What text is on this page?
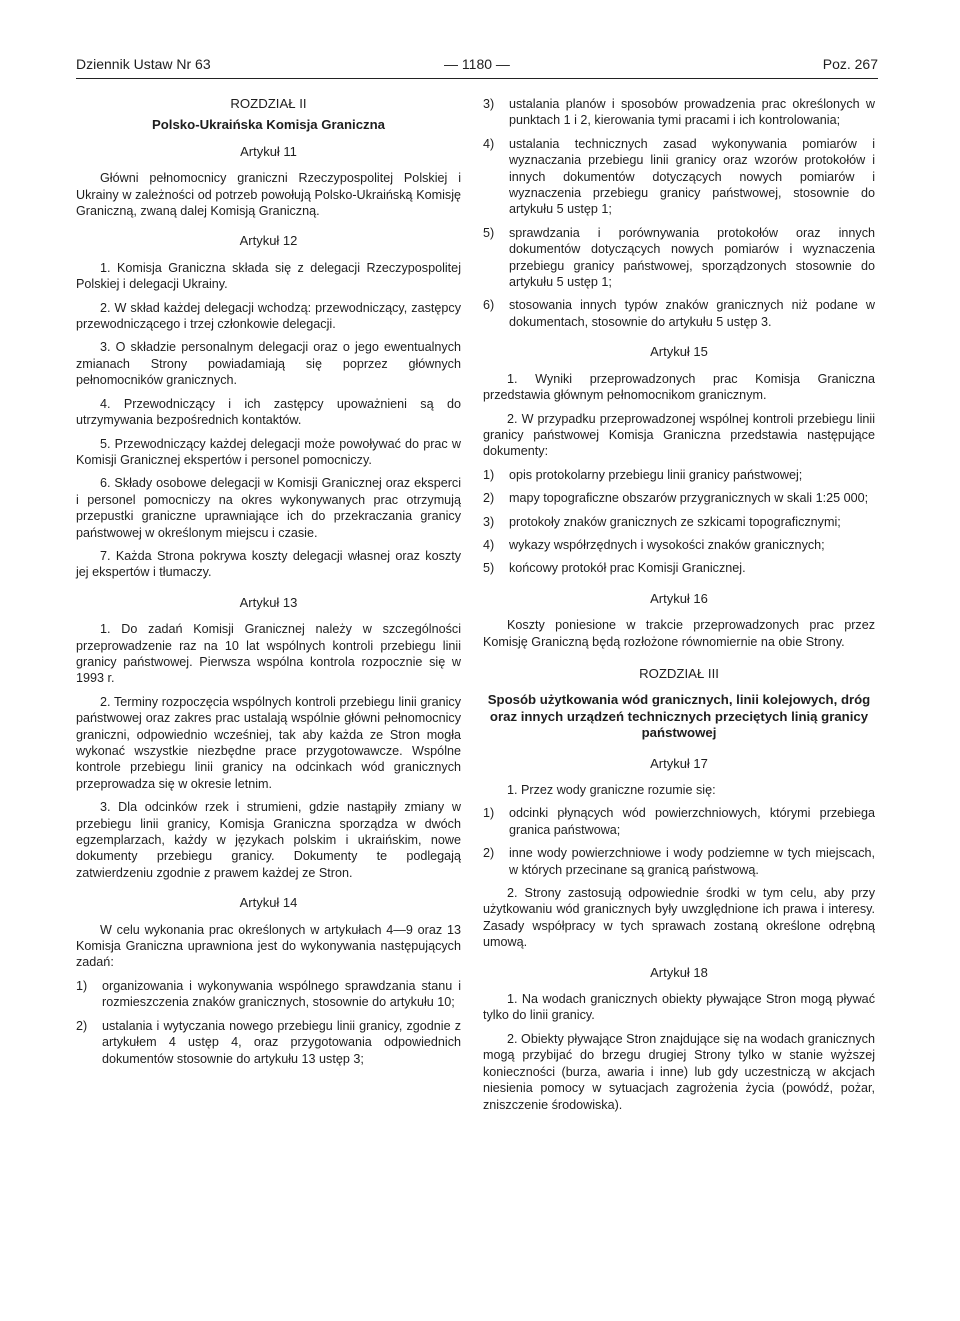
Dziennik Ustaw Nr 63	— 1180 —	Poz. 267
ROZDZIAŁ II
Polsko-Ukraińska Komisja Graniczna
Artykuł 11

Główni pełnomocnicy graniczni Rzeczypospolitej Polskiej i Ukrainy w zależności od potrzeb powołują Polsko-Ukraińską Komisję Graniczną, zwaną dalej Komisją Graniczną.

Artykuł 12

1. Komisja Graniczna składa się z delegacji Rzeczypospolitej Polskiej i delegacji Ukrainy.

2. W skład każdej delegacji wchodzą: przewodniczący, zastępcy przewodniczącego i trzej członkowie delegacji.

3. O składzie personalnym delegacji oraz o jego ewentualnych zmianach Strony powiadamiają się poprzez głównych pełnomocników granicznych.

4. Przewodniczący i ich zastępcy upoważnieni są do utrzymywania bezpośrednich kontaktów.

5. Przewodniczący każdej delegacji może powoływać do prac w Komisji Granicznej ekspertów i personel pomocniczy.

6. Składy osobowe delegacji w Komisji Granicznej oraz eksperci i personel pomocniczy na okres wykonywanych prac otrzymują przepustki graniczne uprawniające ich do przekraczania granicy państwowej w określonym miejscu i czasie.

7. Każda Strona pokrywa koszty delegacji własnej oraz koszty jej ekspertów i tłumaczy.

Artykuł 13

1. Do zadań Komisji Granicznej należy w szczególności przeprowadzenie raz na 10 lat wspólnych kontroli przebiegu linii granicy państwowej. Pierwsza wspólna kontrola rozpocznie się w 1993 r.

2. Terminy rozpoczęcia wspólnych kontroli przebiegu linii granicy państwowej oraz zakres prac ustalają wspólnie główni pełnomocnicy graniczni, odpowiednio wcześniej, tak aby każda ze Stron mogła wykonać wszystkie niezbędne prace przygotowawcze. Wspólne kontrole przebiegu linii granicy na odcinkach wód granicznych przeprowadza się w okresie letnim.

3. Dla odcinków rzek i strumieni, gdzie nastąpiły zmiany w przebiegu linii granicy, Komisja Graniczna sporządza w dwóch egzemplarzach, każdy w językach polskim i ukraińskim, nowe dokumenty przebiegu granicy. Dokumenty te podlegają zatwierdzeniu zgodnie z prawem każdej ze Stron.

Artykuł 14

W celu wykonania prac określonych w artykułach 4—9 oraz 13 Komisja Graniczna uprawniona jest do wykonywania następujących zadań:

1)	organizowania i wykonywania wspólnego sprawdzania stanu i rozmieszczenia znaków granicznych, stosownie do artykułu 10;
2)	ustalania i wytyczania nowego przebiegu linii granicy, zgodnie z artykułem 4 ustęp 4, oraz przygotowania odpowiednich dokumentów stosownie do artykułu 13 ustęp 3;
3)	ustalania planów i sposobów prowadzenia prac określonych w punktach 1 i 2, kierowania tymi pracami i ich kontrolowania;
4)	ustalania technicznych zasad wykonywania pomiarów i wyznaczania przebiegu linii granicy oraz wzorów protokołów i innych dokumentów dotyczących nowych pomiarów i wyznaczenia przebiegu granicy państwowej, stosownie do artykułu 5 ustęp 1;
5)	sprawdzania i porównywania protokołów oraz innych dokumentów dotyczących nowych pomiarów i wyznaczenia przebiegu granicy państwowej, sporządzonych stosownie do artykułu 5 ustęp 1;
6)	stosowania innych typów znaków granicznych niż podane w dokumentach, stosownie do artykułu 5 ustęp 3.
Artykuł 15

1. Wyniki przeprowadzonych prac Komisja Graniczna przedstawia głównym pełnomocnikom granicznym.

2. W przypadku przeprowadzonej wspólnej kontroli przebiegu linii granicy państwowej Komisja Graniczna przedstawia następujące dokumenty:

1)	opis protokolarny przebiegu linii granicy państwowej;
2)	mapy topograficzne obszarów przygranicznych w skali 1:25 000;
3)	protokoły znaków granicznych ze szkicami topograficznymi;
4)	wykazy współrzędnych i wysokości znaków granicznych;
5)	końcowy protokół prac Komisji Granicznej.
Artykuł 16

Koszty poniesione w trakcie przeprowadzonych prac przez Komisję Graniczną będą rozłożone równomiernie na obie Strony.

ROZDZIAŁ III
Sposób użytkowania wód granicznych, linii kolejowych, dróg oraz innych urządzeń technicznych przeciętych linią granicy państwowej
Artykuł 17

1. Przez wody graniczne rozumie się:

1)	odcinki płynących wód powierzchniowych, którymi przebiega granica państwowa;
2)	inne wody powierzchniowe i wody podziemne w tych miejscach, w których przecinane są granicą państwową.

2. Strony zastosują odpowiednie środki w tym celu, aby przy użytkowaniu wód granicznych były uwzględnione ich prawa i interesy. Zasady współpracy w tych sprawach zostaną określone odrębną umową.

Artykuł 18

1. Na wodach granicznych obiekty pływające Stron mogą pływać tylko do linii granicy.

2. Obiekty pływające Stron znajdujące się na wodach granicznych mogą przybijać do brzegu drugiej Strony tylko w stanie wyższej konieczności (burza, awaria i inne) lub gdy uczestniczą w akcjach niesienia pomocy w sytuacjach zagrożenia życia (powódź, pożar, zniszczenie środowiska).
